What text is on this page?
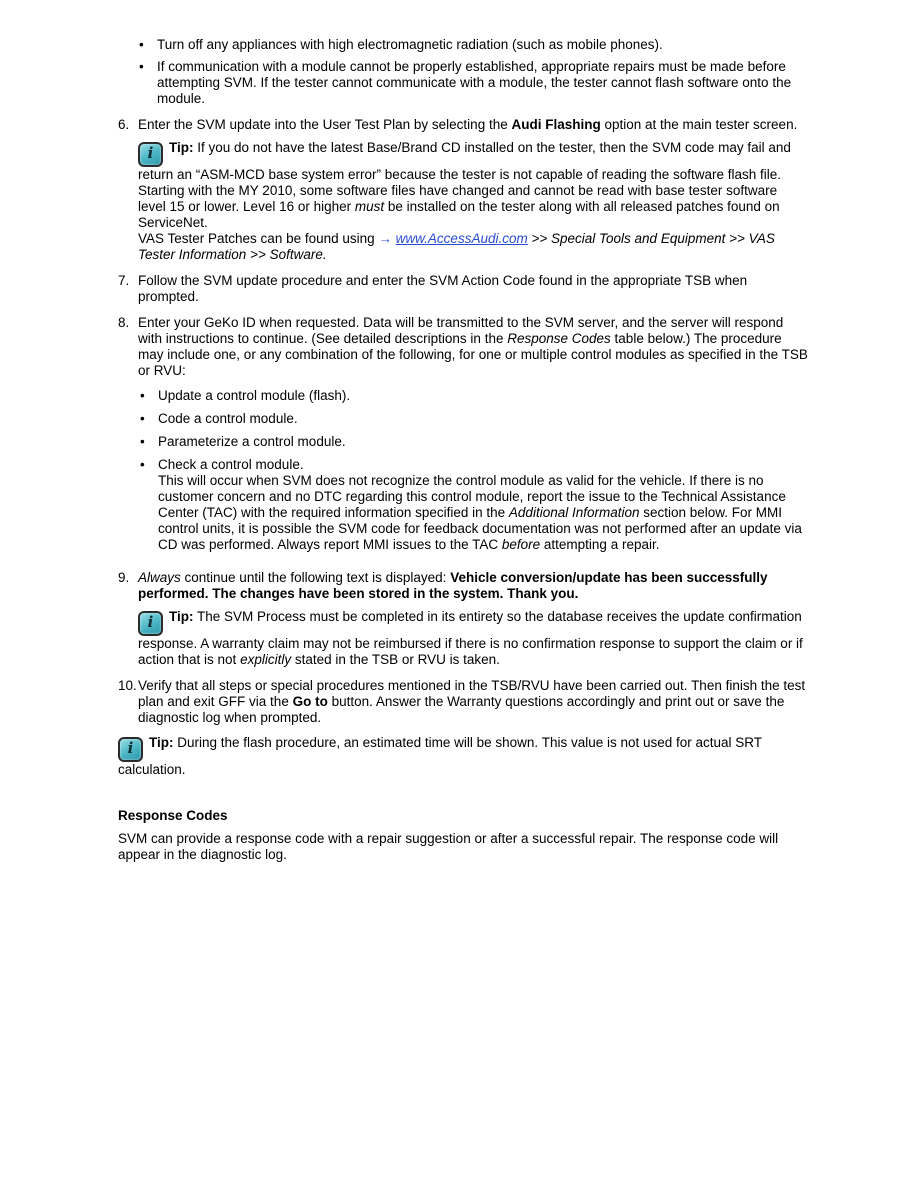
• Turn off any appliances with high electromagnetic radiation (such as mobile phones).
• If communication with a module cannot be properly established, appropriate repairs must be made before attempting SVM. If the tester cannot communicate with a module, the tester cannot flash software onto the module.
6. Enter the SVM update into the User Test Plan by selecting the Audi Flashing option at the main tester screen.
i Tip: If you do not have the latest Base/Brand CD installed on the tester, then the SVM code may fail and return an “ASM-MCD base system error” because the tester is not capable of reading the software flash file. Starting with the MY 2010, some software files have changed and cannot be read with base tester software level 15 or lower. Level 16 or higher must be installed on the tester along with all released patches found on ServiceNet.
VAS Tester Patches can be found using → www.AccessAudi.com >> Special Tools and Equipment >> VAS Tester Information >> Software.
7. Follow the SVM update procedure and enter the SVM Action Code found in the appropriate TSB when prompted.
8. Enter your GeKo ID when requested. Data will be transmitted to the SVM server, and the server will respond with instructions to continue. (See detailed descriptions in the Response Codes table below.) The procedure may include one, or any combination of the following, for one or multiple control modules as specified in the TSB or RVU:
• Update a control module (flash).
• Code a control module.
• Parameterize a control module.
• Check a control module.
This will occur when SVM does not recognize the control module as valid for the vehicle. If there is no customer concern and no DTC regarding this control module, report the issue to the Technical Assistance Center (TAC) with the required information specified in the Additional Information section below. For MMI control units, it is possible the SVM code for feedback documentation was not performed after an update via CD was performed. Always report MMI issues to the TAC before attempting a repair.
9. Always continue until the following text is displayed: Vehicle conversion/update has been successfully performed. The changes have been stored in the system. Thank you.
i Tip: The SVM Process must be completed in its entirety so the database receives the update confirmation response. A warranty claim may not be reimbursed if there is no confirmation response to support the claim or if action that is not explicitly stated in the TSB or RVU is taken.
10. Verify that all steps or special procedures mentioned in the TSB/RVU have been carried out. Then finish the test plan and exit GFF via the Go to button. Answer the Warranty questions accordingly and print out or save the diagnostic log when prompted.
i Tip: During the flash procedure, an estimated time will be shown. This value is not used for actual SRT calculation.
Response Codes
SVM can provide a response code with a repair suggestion or after a successful repair. The response code will appear in the diagnostic log.
